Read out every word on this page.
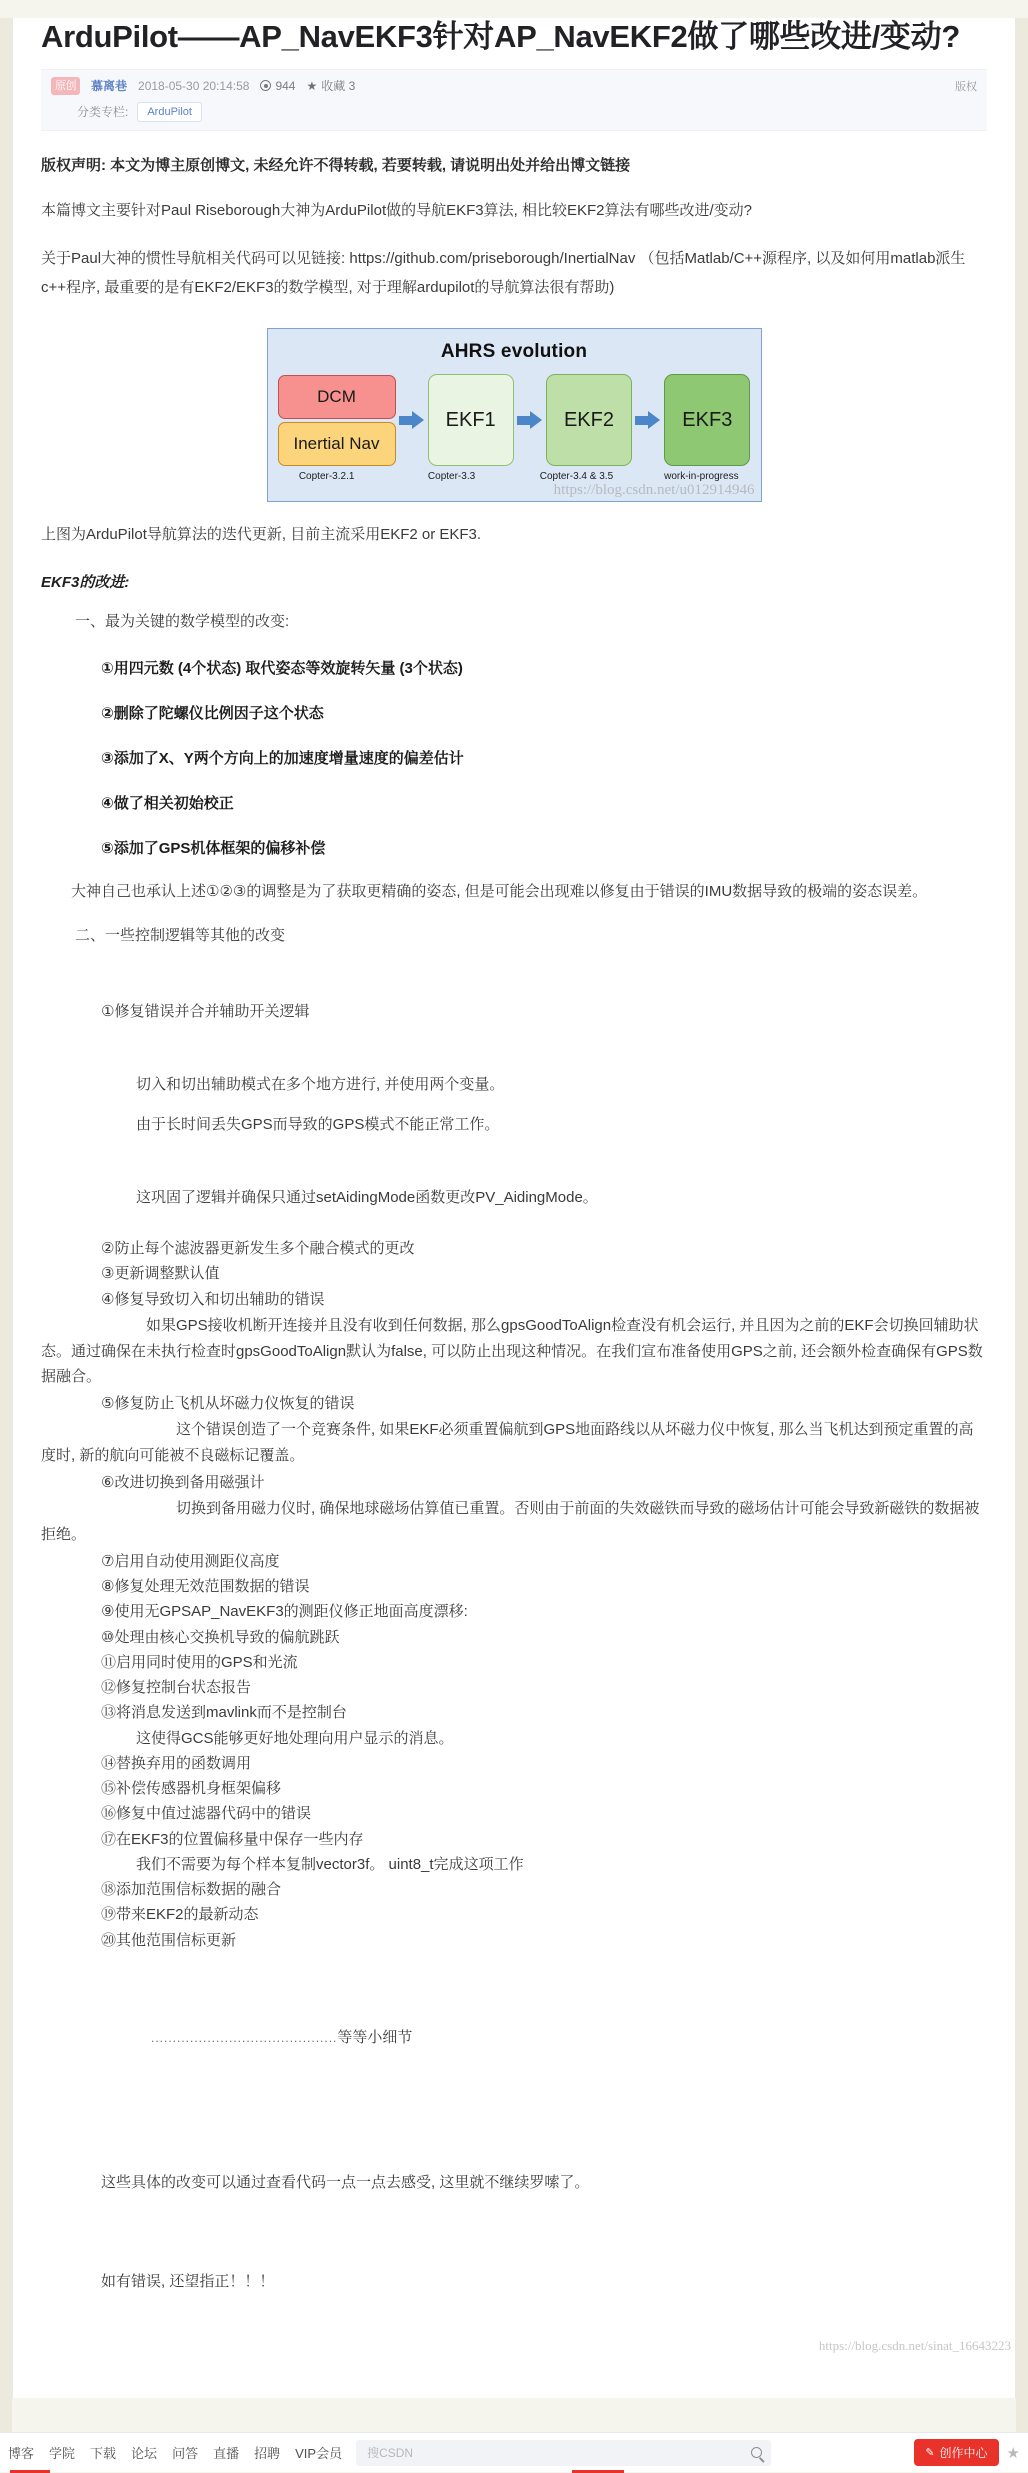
ArduPilot——AP_NavEKF3针对AP_NavEKF2做了哪些改进/变动?
原创	慕离巷 2018-05-30 20:14:58 944 ★ 收藏 3	版权
分类专栏:	ArduPilot

版权声明: 本文为博主原创博文, 未经允许不得转载, 若要转载, 请说明出处并给出博文链接

本篇博文主要针对Paul Riseborough大神为ArduPilot做的导航EKF3算法, 相比较EKF2算法有哪些改进/变动?

关于Paul大神的惯性导航相关代码可以见链接: https://github.com/priseborough/InertialNav （包括Matlab/C++源程序, 以及如何用matlab派生c++程序, 最重要的是有EKF2/EKF3的数学模型, 对于理解ardupilot的导航算法很有帮助)

AHRS evolution
DCM
Inertial Nav
EKF1	EKF2	EKF3
Copter-3.2.1	Copter-3.3	Copter-3.4 & 3.5	work-in-progress
https://blog.csdn.net/u012914946

上图为ArduPilot导航算法的迭代更新, 目前主流采用EKF2 or EKF3.

EKF3的改进:

一、最为关键的数学模型的改变:

①用四元数 (4个状态) 取代姿态等效旋转矢量 (3个状态)

②删除了陀螺仪比例因子这个状态

③添加了X、Y两个方向上的加速度增量速度的偏差估计

④做了相关初始校正

⑤添加了GPS机体框架的偏移补偿

大神自己也承认上述①②③的调整是为了获取更精确的姿态, 但是可能会出现难以修复由于错误的IMU数据导致的极端的姿态误差。

二、一些控制逻辑等其他的改变

①修复错误并合并辅助开关逻辑

切入和切出辅助模式在多个地方进行, 并使用两个变量。

由于长时间丢失GPS而导致的GPS模式不能正常工作。

这巩固了逻辑并确保只通过setAidingMode函数更改PV_AidingMode。

②防止每个滤波器更新发生多个融合模式的更改

③更新调整默认值

④修复导致切入和切出辅助的错误

如果GPS接收机断开连接并且没有收到任何数据, 那么gpsGoodToAlign检查没有机会运行, 并且因为之前的EKF会切换回辅助状态。通过确保在未执行检查时gpsGoodToAlign默认为false, 可以防止出现这种情况。在我们宣布准备使用GPS之前, 还会额外检查确保有GPS数据融合。

⑤修复防止飞机从坏磁力仪恢复的错误

这个错误创造了一个竞赛条件, 如果EKF必须重置偏航到GPS地面路线以从坏磁力仪中恢复, 那么当飞机达到预定重置的高度时, 新的航向可能被不良磁标记覆盖。

⑥改进切换到备用磁强计

切换到备用磁力仪时, 确保地球磁场估算值已重置。否则由于前面的失效磁铁而导致的磁场估计可能会导致新磁铁的数据被拒绝。

⑦启用自动使用测距仪高度

⑧修复处理无效范围数据的错误

⑨使用无GPSAP_NavEKF3的测距仪修正地面高度漂移:

⑩处理由核心交换机导致的偏航跳跃

⑪启用同时使用的GPS和光流

⑫修复控制台状态报告

⑬将消息发送到mavlink而不是控制台

这使得GCS能够更好地处理向用户显示的消息。

⑭替换弃用的函数调用

⑮补偿传感器机身框架偏移

⑯修复中值过滤器代码中的错误

⑰在EKF3的位置偏移量中保存一些内存

我们不需要为每个样本复制vector3f。 uint8_t完成这项工作

⑱添加范围信标数据的融合

⑲带来EKF2的最新动态

⑳其他范围信标更新

...........................................等等小细节

这些具体的改变可以通过查看代码一点一点去感受, 这里就不继续罗嗦了。

如有错误, 还望指正！！！

https://blog.csdn.net/sinat_16643223
博客 学院 下载 论坛 问答 直播 招聘 VIP会员
搜CSDN	✎ 创作中心 ★
